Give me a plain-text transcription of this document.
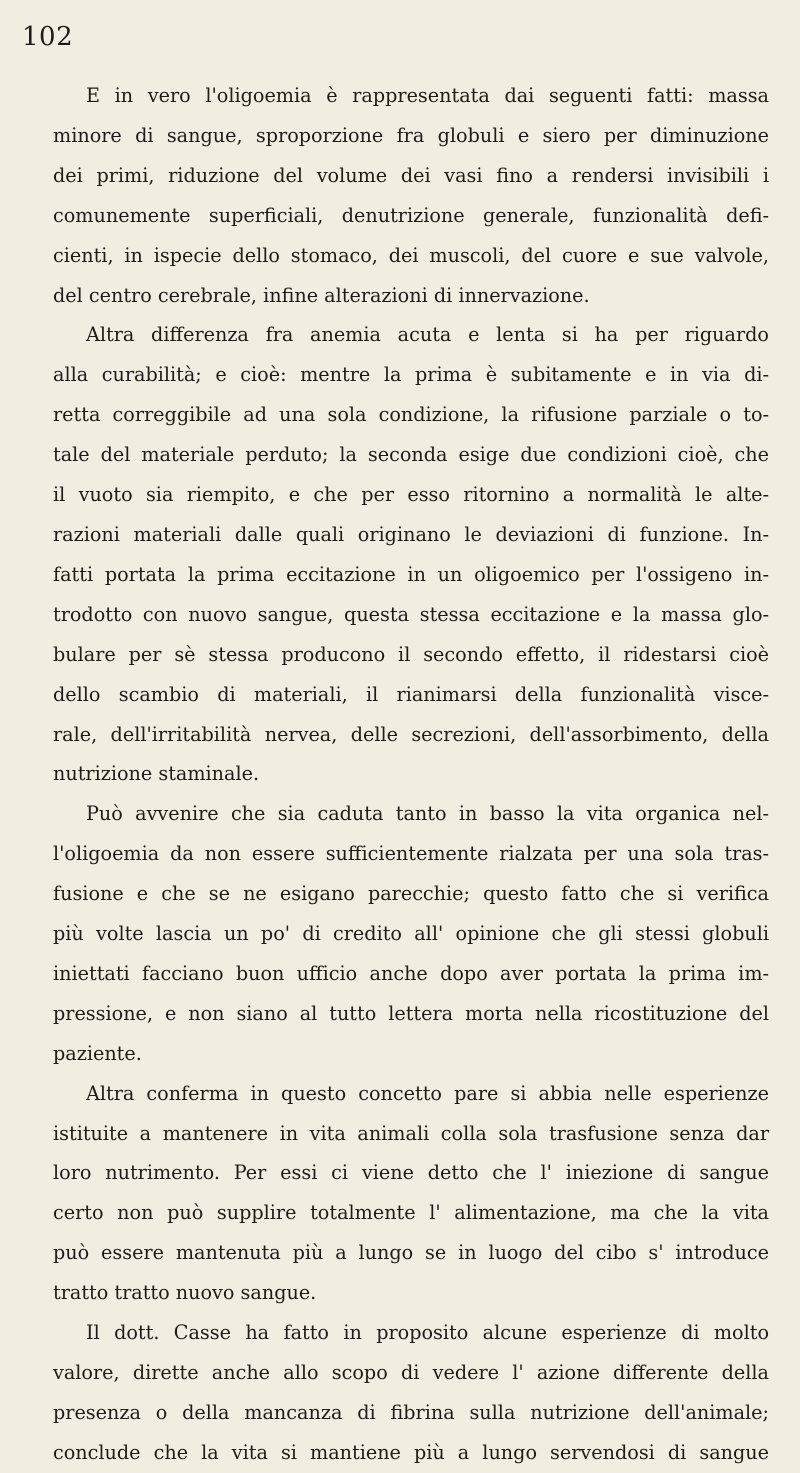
102
E in vero l'oligoemia è rappresentata dai seguenti fatti: massa
minore di sangue, sproporzione fra globuli e siero per diminuzione
dei primi, riduzione del volume dei vasi fino a rendersi invisibili i
comunemente superficiali, denutrizione generale, funzionalità defi-
cienti, in ispecie dello stomaco, dei muscoli, del cuore e sue valvole,
del centro cerebrale, infine alterazioni di innervazione.
Altra differenza fra anemia acuta e lenta si ha per riguardo
alla curabilità; e cioè: mentre la prima è subitamente e in via di-
retta correggibile ad una sola condizione, la rifusione parziale o to-
tale del materiale perduto; la seconda esige due condizioni cioè, che
il vuoto sia riempito, e che per esso ritornino a normalità le alte-
razioni materiali dalle quali originano le deviazioni di funzione. In-
fatti portata la prima eccitazione in un oligoemico per l'ossigeno in-
trodotto con nuovo sangue, questa stessa eccitazione e la massa glo-
bulare per sè stessa producono il secondo effetto, il ridestarsi cioè
dello scambio di materiali, il rianimarsi della funzionalità visce-
rale, dell'irritabilità nervea, delle secrezioni, dell'assorbimento, della
nutrizione staminale.
Può avvenire che sia caduta tanto in basso la vita organica nel-
l'oligoemia da non essere sufficientemente rialzata per una sola tras-
fusione e che se ne esigano parecchie; questo fatto che si verifica
più volte lascia un po' di credito all' opinione che gli stessi globuli
iniettati facciano buon ufficio anche dopo aver portata la prima im-
pressione, e non siano al tutto lettera morta nella ricostituzione del
paziente.
Altra conferma in questo concetto pare si abbia nelle esperienze
istituite a mantenere in vita animali colla sola trasfusione senza dar
loro nutrimento. Per essi ci viene detto che l' iniezione di sangue
certo non può supplire totalmente l' alimentazione, ma che la vita
può essere mantenuta più a lungo se in luogo del cibo s' introduce
tratto tratto nuovo sangue.
Il dott. Casse ha fatto in proposito alcune esperienze di molto
valore, dirette anche allo scopo di vedere l' azione differente della
presenza o della mancanza di fibrina sulla nutrizione dell'animale;
conclude che la vita si mantiene più a lungo servendosi di sangue
